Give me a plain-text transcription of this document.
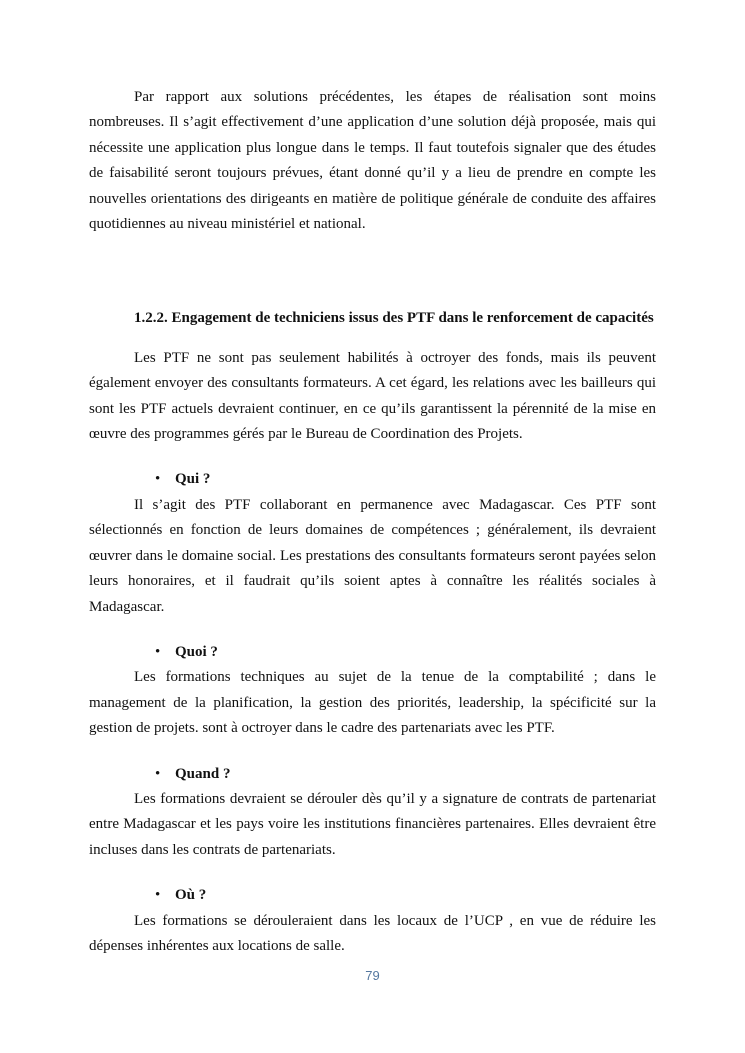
Par rapport aux solutions précédentes, les étapes de réalisation sont moins nombreuses. Il s’agit effectivement d’une application d’une solution déjà proposée, mais qui nécessite une application plus longue dans le temps. Il faut toutefois signaler que des études de faisabilité seront toujours prévues, étant donné qu’il y a lieu de prendre en compte les nouvelles orientations des dirigeants en matière de politique générale de conduite des affaires quotidiennes au niveau ministériel et national.

1.2.2. Engagement de techniciens issus des PTF dans le renforcement de capacités

Les PTF ne sont pas seulement habilités à octroyer des fonds, mais ils peuvent également envoyer des consultants formateurs. A cet égard, les relations avec les bailleurs qui sont les PTF actuels devraient continuer, en ce qu’ils garantissent la pérennité de la mise en œuvre des programmes gérés par le Bureau de Coordination des Projets.

• Qui ?

Il s’agit des PTF collaborant en permanence avec Madagascar. Ces PTF sont sélectionnés en fonction de leurs domaines de compétences ; généralement, ils devraient œuvrer dans le domaine social. Les prestations des consultants formateurs seront payées selon leurs honoraires, et il faudrait qu’ils soient aptes à connaître les réalités sociales à Madagascar.

• Quoi ?

Les formations techniques au sujet de la tenue de la comptabilité ; dans le management de la planification, la gestion des priorités, leadership, la spécificité sur la gestion de projets. sont à octroyer dans le cadre des partenariats avec les PTF.

• Quand ?

Les formations devraient se dérouler dès qu’il y a signature de contrats de partenariat entre Madagascar et les pays voire les institutions financières partenaires. Elles devraient être incluses dans les contrats de partenariats.

• Où ?

Les formations se dérouleraient dans les locaux de l’UCP , en vue de réduire les dépenses inhérentes aux locations de salle.

79
